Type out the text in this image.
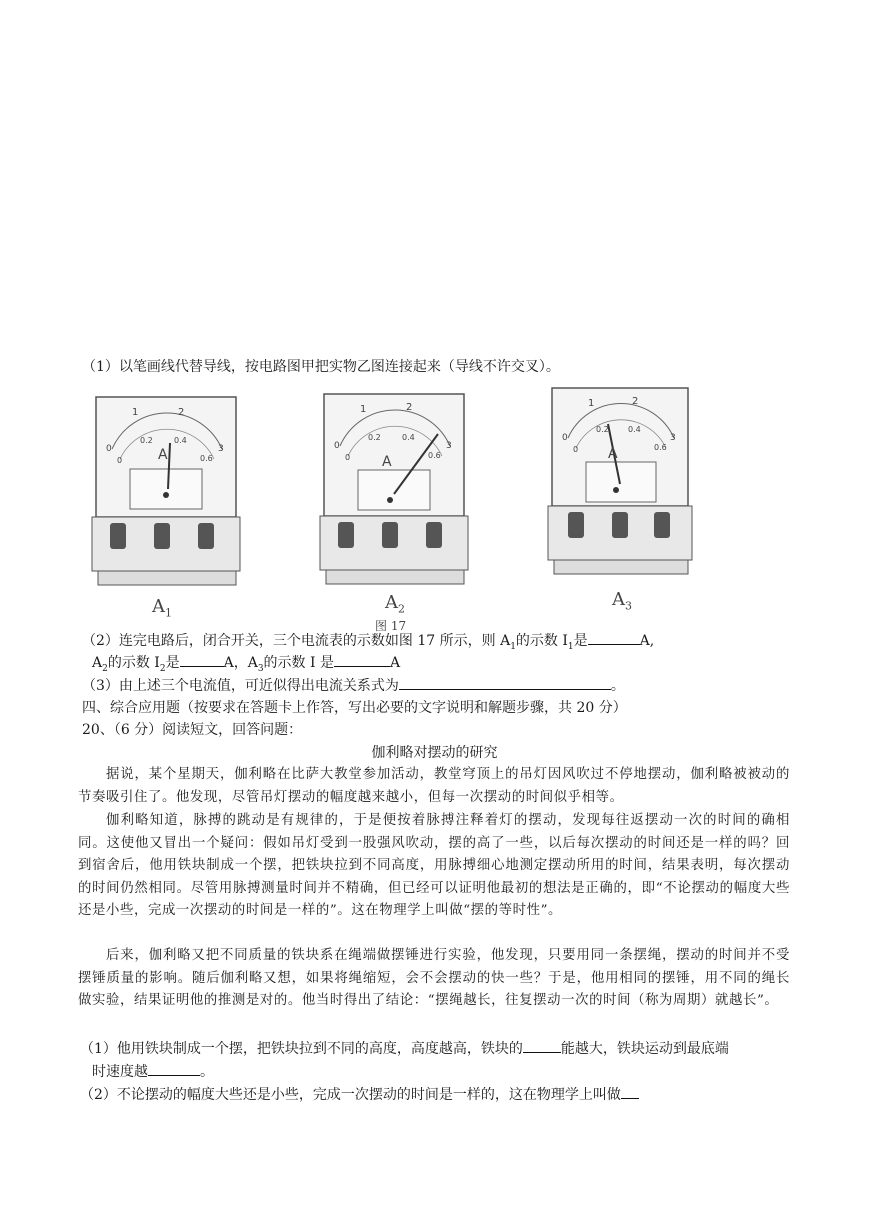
（1）以笔画线代替导线，按电路图甲把实物乙图连接起来（导线不许交叉）。
1	2
0	3
0
0.2	0.4
0.6
A
1	2
0	3
0
0.2	0.4
0.6
A
1	2
0	3
0
0.2 0.4
0.6
A
$A_1$
$A_2$	$A_3$
图 17
（2）连完电路后，闭合开关，三个电流表的示数如图 17 所示，则 $A_1$的示数 $I_1$是	A,
$A_2$的示数 $I_2$是	A，$A_3$的示数 I 是	A
（3）由上述三个电流值，可近似得出电流关系式为	。
四、综合应用题（按要求在答题卡上作答，写出必要的文字说明和解题步骤，共 20 分）
20、（6 分）阅读短文，回答问题：
伽利略对摆动的研究
据说，某个星期天，伽利略在比萨大教堂参加活动，教堂穹顶上的吊灯因风吹过不停地摆动，伽利略被被动的节奏吸引住了。他发现，尽管吊灯摆动的幅度越来越小，但每一次摆动的时间似乎相等。
伽利略知道，脉搏的跳动是有规律的，于是便按着脉搏注释着灯的摆动，发现每往返摆动一次的时间的确相同。这使他又冒出一个疑问：假如吊灯受到一股强风吹动，摆的高了一些，以后每次摆动的时间还是一样的吗？回到宿舍后，他用铁块制成一个摆，把铁块拉到不同高度，用脉搏细心地测定摆动所用的时间，结果表明，每次摆动的时间仍然相同。尽管用脉搏测量时间并不精确，但已经可以证明他最初的想法是正确的，即“不论摆动的幅度大些还是小些，完成一次摆动的时间是一样的”。这在物理学上叫做“摆的等时性”。
后来，伽利略又把不同质量的铁块系在绳端做摆锤进行实验，他发现，只要用同一条摆绳，摆动的时间并不受摆锤质量的影响。随后伽利略又想，如果将绳缩短，会不会摆动的快一些？于是，他用相同的摆锤，用不同的绳长做实验，结果证明他的推测是对的。他当时得出了结论：“摆绳越长，往复摆动一次的时间（称为周期）就越长”。
（1）他用铁块制成一个摆，把铁块拉到不同的高度，高度越高，铁块的	能越大，铁块运动到最底端
时速度越	。
（2）不论摆动的幅度大些还是小些，完成一次摆动的时间是一样的，这在物理学上叫做
